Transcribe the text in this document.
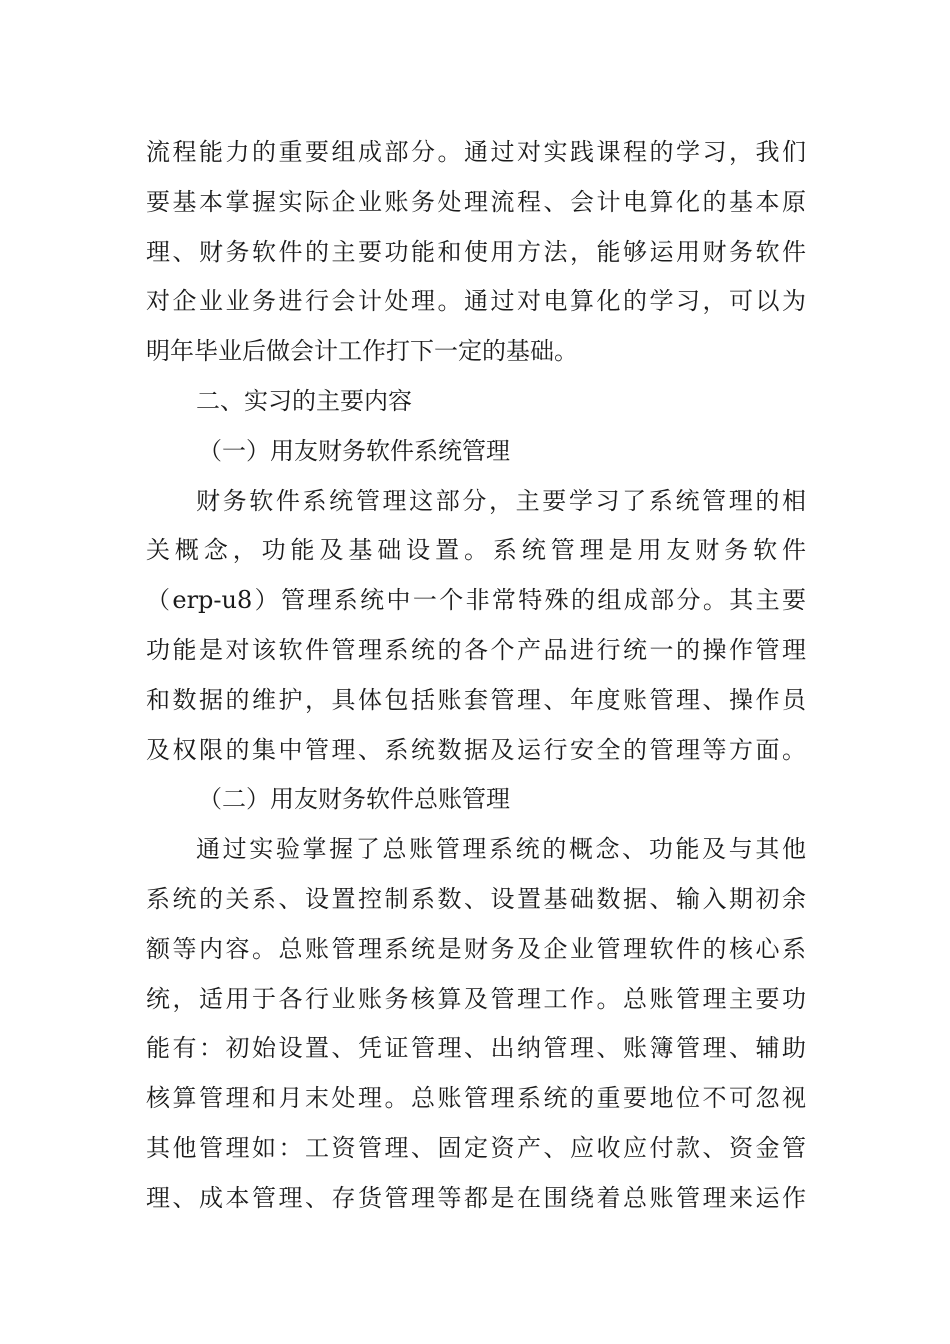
流程能力的重要组成部分。通过对实践课程的学习，我们
要基本掌握实际企业账务处理流程、会计电算化的基本原
理、财务软件的主要功能和使用方法，能够运用财务软件
对企业业务进行会计处理。通过对电算化的学习，可以为
明年毕业后做会计工作打下一定的基础。
二、实习的主要内容
（一）用友财务软件系统管理
财务软件系统管理这部分，主要学习了系统管理的相
关概念，功能及基础设置。系统管理是用友财务软件
（erp-u8）管理系统中一个非常特殊的组成部分。其主要
功能是对该软件管理系统的各个产品进行统一的操作管理
和数据的维护，具体包括账套管理、年度账管理、操作员
及权限的集中管理、系统数据及运行安全的管理等方面。
（二）用友财务软件总账管理
通过实验掌握了总账管理系统的概念、功能及与其他
系统的关系、设置控制系数、设置基础数据、输入期初余
额等内容。总账管理系统是财务及企业管理软件的核心系
统，适用于各行业账务核算及管理工作。总账管理主要功
能有：初始设置、凭证管理、出纳管理、账簿管理、辅助
核算管理和月末处理。总账管理系统的重要地位不可忽视
其他管理如：工资管理、固定资产、应收应付款、资金管
理、成本管理、存货管理等都是在围绕着总账管理来运作
